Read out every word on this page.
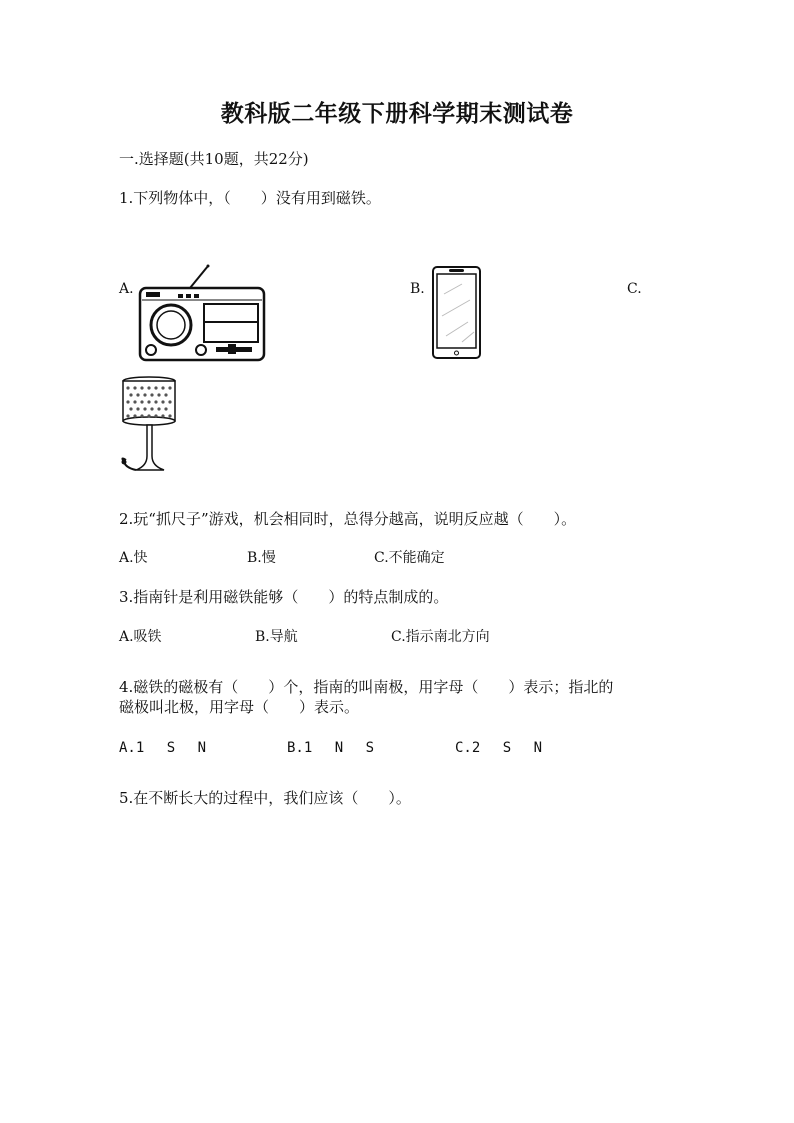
教科版二年级下册科学期末测试卷
一.选择题(共10题，共22分)
1.下列物体中，（　　）没有用到磁铁。
A.	B.	C.
2.玩“抓尺子”游戏，机会相同时，总得分越高，说明反应越（　　）。
A.快	B.慢	C.不能确定
3.指南针是利用磁铁能够（　　）的特点制成的。
A.吸铁	B.导航	C.指示南北方向
4.磁铁的磁极有（　　）个，指南的叫南极，用字母（　　）表示；指北的
磁极叫北极，用字母（　　）表示。
A.1　 S　 N	B.1　 N　 S	C.2　 S　 N
5.在不断长大的过程中，我们应该（　　）。
